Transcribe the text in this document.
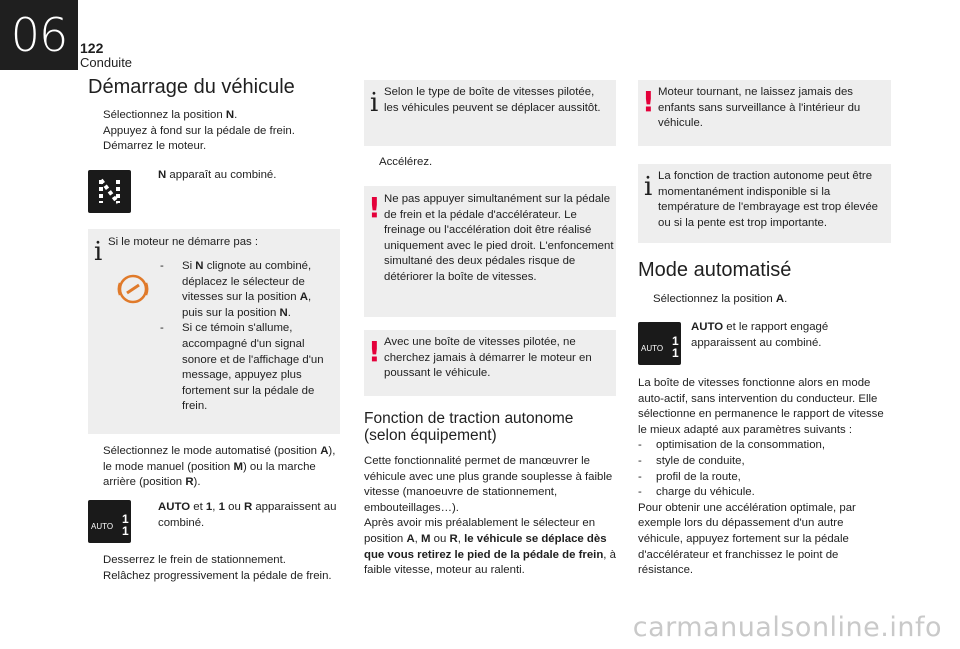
06 122
Conduite
Démarrage du véhicule
Sélectionnez la position N.
Appuyez à fond sur la pédale de frein.
Démarrez le moteur.
N apparaît au combiné.
i Si le moteur ne démarre pas :
-	Si N clignote au combiné, déplacez le sélecteur de vitesses sur la position A, puis sur la position N.
-	Si ce témoin s'allume, accompagné d'un signal sonore et de l'affichage d'un message, appuyez plus fortement sur la pédale de frein.
Sélectionnez le mode automatisé (position A), le mode manuel (position M) ou la marche arrière (position R).
AUTO
1
1
AUTO et 1, 1 ou R apparaissent au combiné.
Desserrez le frein de stationnement.
Relâchez progressivement la pédale de frein.
i Selon le type de boîte de vitesses pilotée, les véhicules peuvent se déplacer aussitôt.
Accélérez.
! Ne pas appuyer simultanément sur la pédale de frein et la pédale d'accélérateur. Le freinage ou l'accélération doit être réalisé uniquement avec le pied droit. L'enfoncement simultané des deux pédales risque de détériorer la boîte de vitesses.
! Avec une boîte de vitesses pilotée, ne cherchez jamais à démarrer le moteur en poussant le véhicule.
Fonction de traction autonome (selon équipement)

Cette fonctionnalité permet de manœuvrer le véhicule avec une plus grande souplesse à faible vitesse (manoeuvre de stationnement, embouteillages…).

Après avoir mis préalablement le sélecteur en position A, M ou R, le véhicule se déplace dès que vous retirez le pied de la pédale de frein, à faible vitesse, moteur au ralenti.

! Moteur tournant, ne laissez jamais des enfants sans surveillance à l'intérieur du véhicule.
i La fonction de traction autonome peut être momentanément indisponible si la température de l'embrayage est trop élevée ou si la pente est trop importante.
Mode automatisé
Sélectionnez la position A.
AUTO
1
1
AUTO et le rapport engagé apparaissent au combiné.

La boîte de vitesses fonctionne alors en mode auto-actif, sans intervention du conducteur. Elle sélectionne en permanence le rapport de vitesse le mieux adapté aux paramètres suivants :

-	optimisation de la consommation,
-	style de conduite,
-	profil de la route,
-	charge du véhicule.

Pour obtenir une accélération optimale, par exemple lors du dépassement d'un autre véhicule, appuyez fortement sur la pédale d'accélérateur et franchissez le point de résistance.

carmanualsonline.info
